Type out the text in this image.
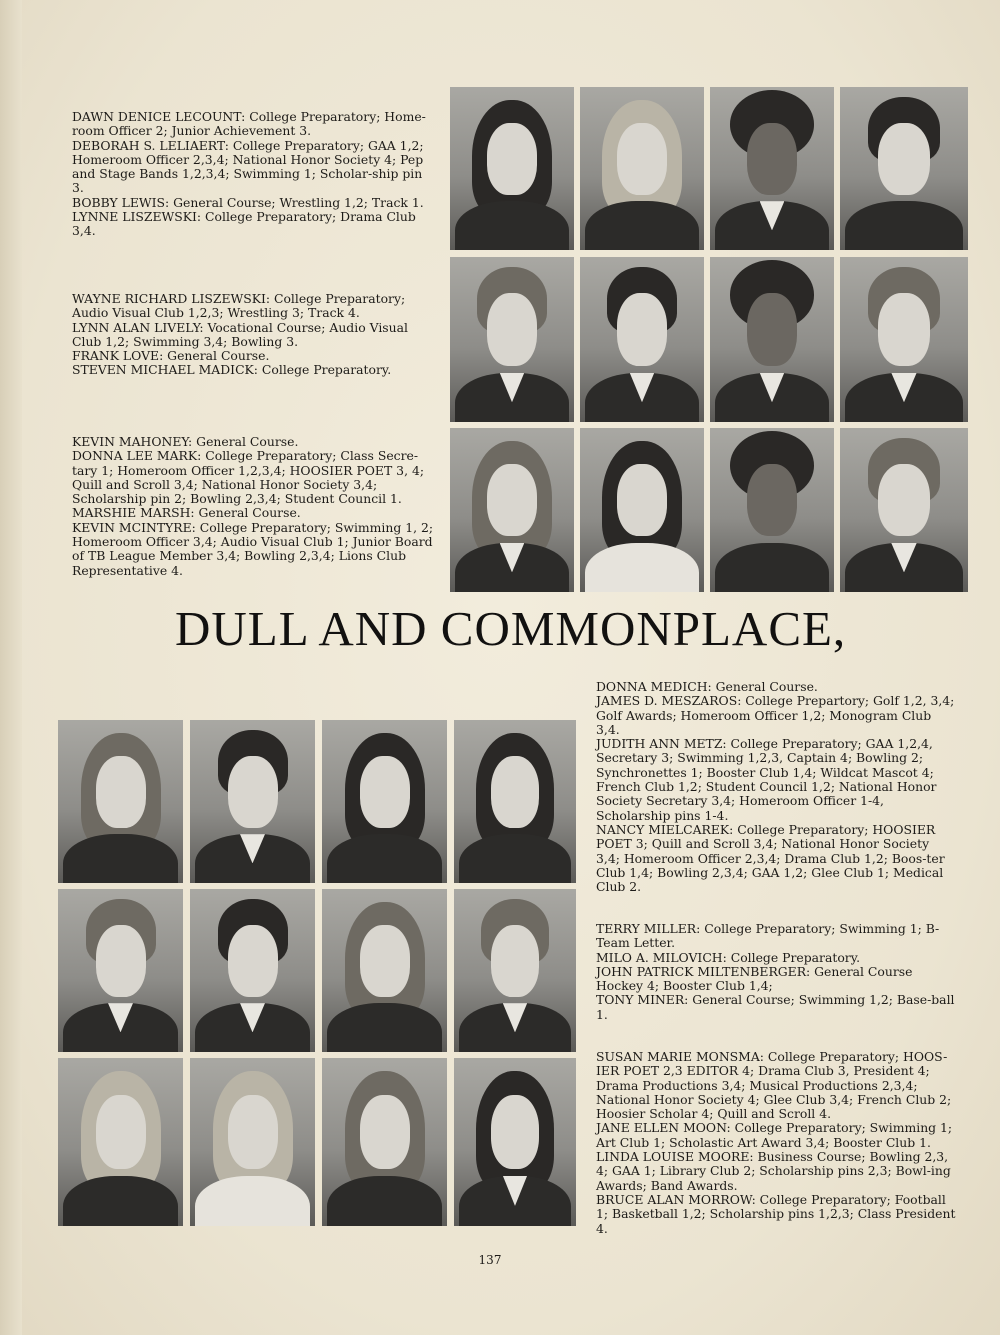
DAWN DENICE LECOUNT: College Preparatory; Home-room Officer 2; Junior Achievement 3.

DEBORAH S. LELIAERT: College Preparatory; GAA 1,2; Homeroom Officer 2,3,4; National Honor Society 4; Pep and Stage Bands 1,2,3,4; Swimming 1; Scholar-ship pin 3.

BOBBY LEWIS: General Course; Wrestling 1,2; Track 1.

LYNNE LISZEWSKI: College Preparatory; Drama Club 3,4.

WAYNE RICHARD LISZEWSKI: College Preparatory; Audio Visual Club 1,2,3; Wrestling 3; Track 4.

LYNN ALAN LIVELY: Vocational Course; Audio Visual Club 1,2; Swimming 3,4; Bowling 3.

FRANK LOVE: General Course.

STEVEN MICHAEL MADICK: College Preparatory.

KEVIN MAHONEY: General Course.

DONNA LEE MARK: College Preparatory; Class Secre-tary 1; Homeroom Officer 1,2,3,4; HOOSIER POET 3, 4; Quill and Scroll 3,4; National Honor Society 3,4; Scholarship pin 2; Bowling 2,3,4; Student Council 1.

MARSHIE MARSH: General Course.

KEVIN MCINTYRE: College Preparatory; Swimming 1, 2; Homeroom Officer 3,4; Audio Visual Club 1; Junior Board of TB League Member 3,4; Bowling 2,3,4; Lions Club Representative 4.

DULL AND COMMONPLACE,

DONNA MEDICH: General Course.

JAMES D. MESZAROS: College Prepartory; Golf 1,2, 3,4; Golf Awards; Homeroom Officer 1,2; Monogram Club 3,4.

JUDITH ANN METZ: College Preparatory; GAA 1,2,4, Secretary 3; Swimming 1,2,3, Captain 4; Bowling 2; Synchronettes 1; Booster Club 1,4; Wildcat Mascot 4; French Club 1,2; Student Council 1,2; National Honor Society Secretary 3,4; Homeroom Officer 1-4, Scholarship pins 1-4.

NANCY MIELCAREK: College Preparatory; HOOSIER POET 3; Quill and Scroll 3,4; National Honor Society 3,4; Homeroom Officer 2,3,4; Drama Club 1,2; Boos-ter Club 1,4; Bowling 2,3,4; GAA 1,2; Glee Club 1; Medical Club 2.

TERRY MILLER: College Preparatory; Swimming 1; B-Team Letter.

MILO A. MILOVICH: College Preparatory.

JOHN PATRICK MILTENBERGER: General Course Hockey 4; Booster Club 1,4;

TONY MINER: General Course; Swimming 1,2; Base-ball 1.

SUSAN MARIE MONSMA: College Preparatory; HOOS-IER POET 2,3 EDITOR 4; Drama Club 3, President 4; Drama Productions 3,4; Musical Productions 2,3,4; National Honor Society 4; Glee Club 3,4; French Club 2; Hoosier Scholar 4; Quill and Scroll 4.

JANE ELLEN MOON: College Preparatory; Swimming 1; Art Club 1; Scholastic Art Award 3,4; Booster Club 1.

LINDA LOUISE MOORE: Business Course; Bowling 2,3, 4; GAA 1; Library Club 2; Scholarship pins 2,3; Bowl-ing Awards; Band Awards.

BRUCE ALAN MORROW: College Preparatory; Football 1; Basketball 1,2; Scholarship pins 1,2,3; Class President 4.

137
